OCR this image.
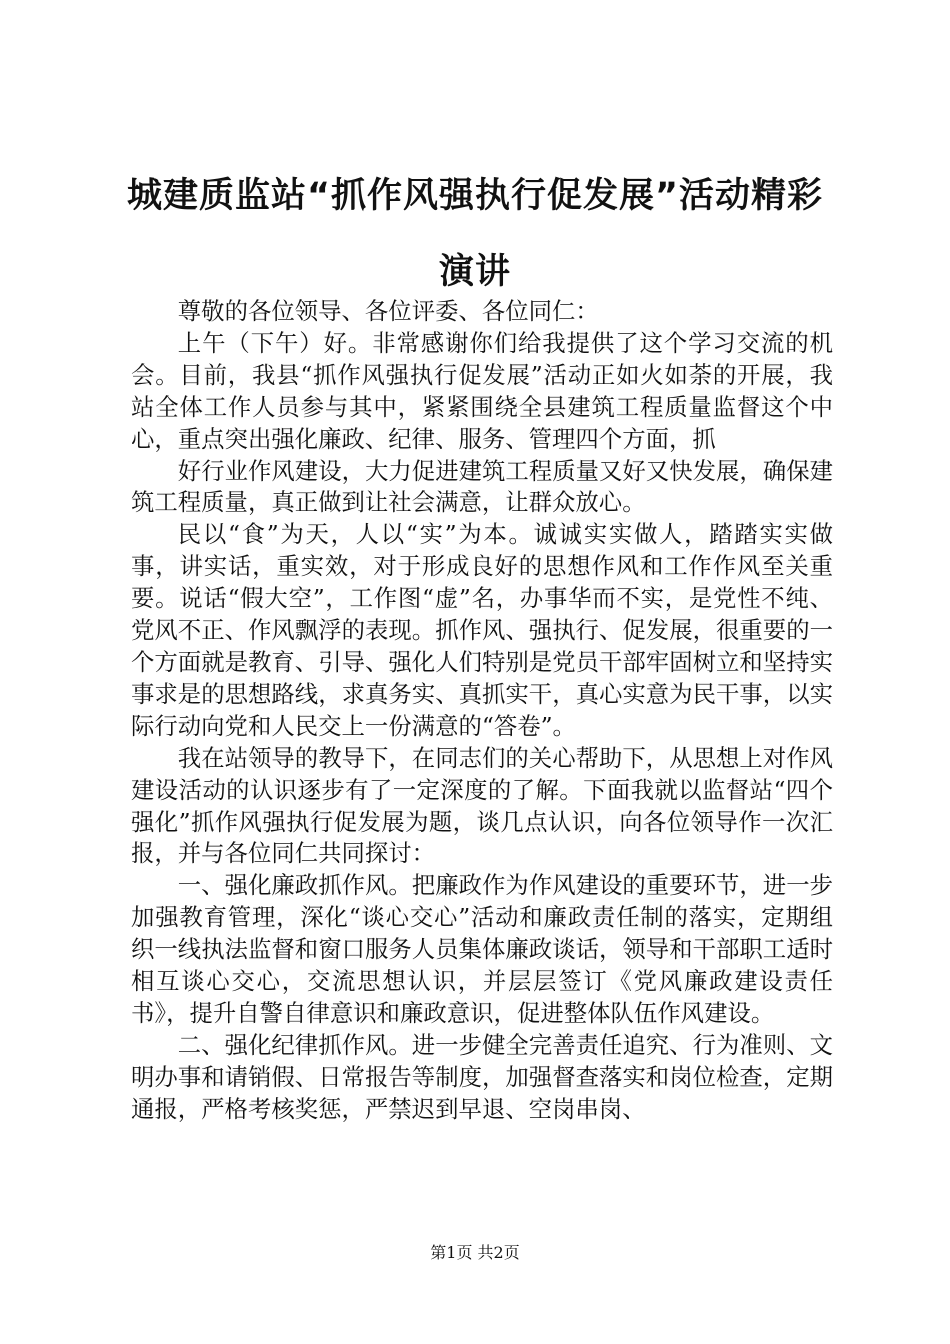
城建质监站“抓作风强执行促发展”活动精彩
演讲

尊敬的各位领导、各位评委、各位同仁：

上午（下午）好。非常感谢你们给我提供了这个学习交流的机会。目前，我县“抓作风强执行促发展”活动正如火如荼的开展，我站全体工作人员参与其中，紧紧围绕全县建筑工程质量监督这个中心，重点突出强化廉政、纪律、服务、管理四个方面，抓

好行业作风建设，大力促进建筑工程质量又好又快发展，确保建筑工程质量，真正做到让社会满意，让群众放心。

民以“食”为天，人以“实”为本。诚诚实实做人，踏踏实实做事，讲实话，重实效，对于形成良好的思想作风和工作作风至关重要。说话“假大空”，工作图“虚”名，办事华而不实，是党性不纯、党风不正、作风飘浮的表现。抓作风、强执行、促发展，很重要的一个方面就是教育、引导、强化人们特别是党员干部牢固树立和坚持实事求是的思想路线，求真务实、真抓实干，真心实意为民干事，以实际行动向党和人民交上一份满意的“答卷”。

我在站领导的教导下，在同志们的关心帮助下，从思想上对作风建设活动的认识逐步有了一定深度的了解。下面我就以监督站“四个强化”抓作风强执行促发展为题，谈几点认识，向各位领导作一次汇报，并与各位同仁共同探讨：

一、强化廉政抓作风。把廉政作为作风建设的重要环节，进一步加强教育管理，深化“谈心交心”活动和廉政责任制的落实，定期组织一线执法监督和窗口服务人员集体廉政谈话，领导和干部职工适时相互谈心交心，交流思想认识，并层层签订《党风廉政建设责任书》，提升自警自律意识和廉政意识，促进整体队伍作风建设。

二、强化纪律抓作风。进一步健全完善责任追究、行为准则、文明办事和请销假、日常报告等制度，加强督查落实和岗位检查，定期通报，严格考核奖惩，严禁迟到早退、空岗串岗、

第1页 共2页
